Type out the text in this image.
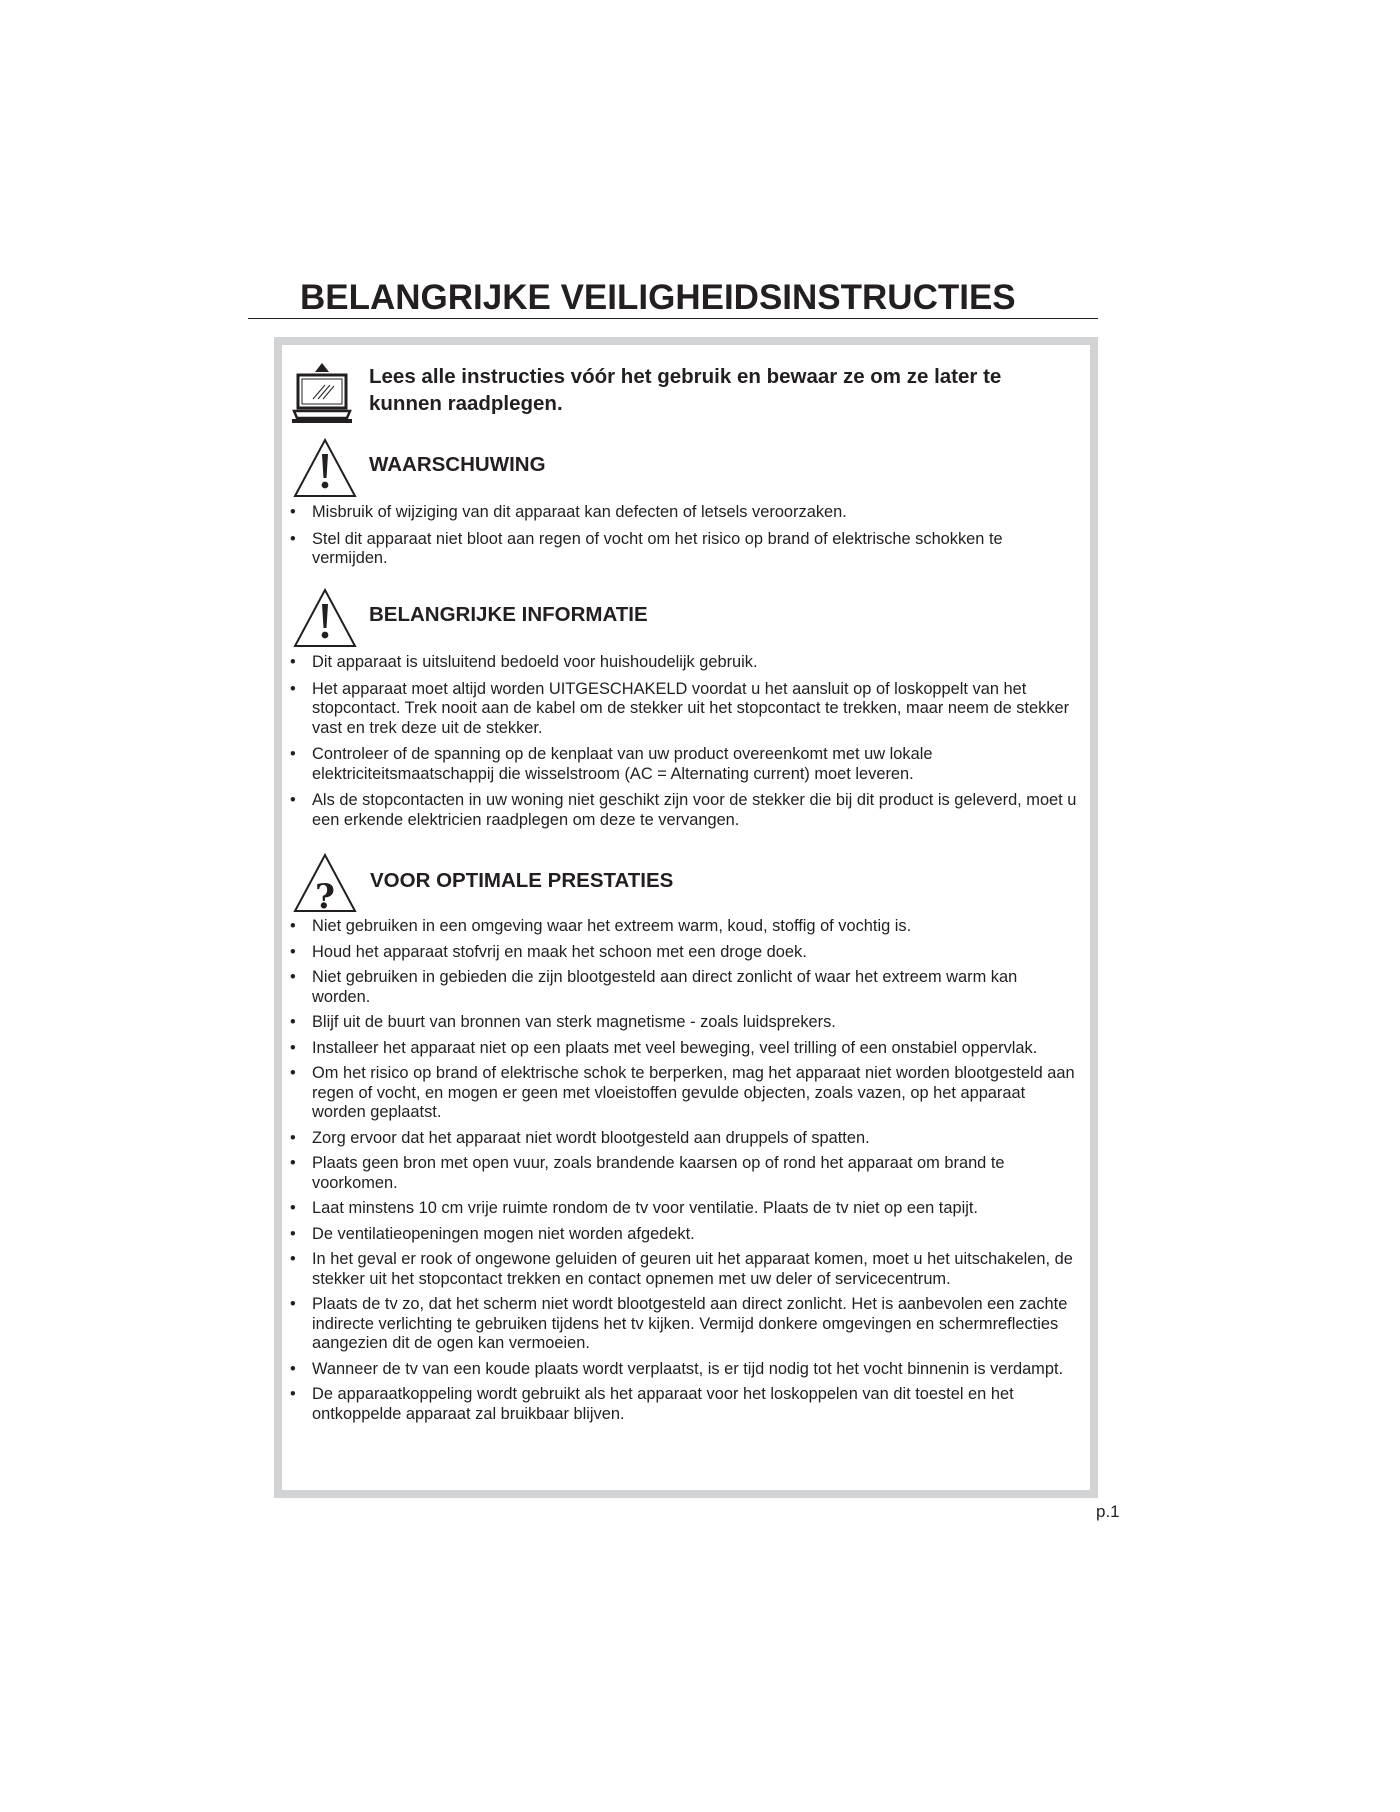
BELANGRIJKE VEILIGHEIDSINSTRUCTIES

Lees alle instructies vóór het gebruik en bewaar ze om ze later te kunnen raadplegen.

WAARSCHUWING
• Misbruik of wijziging van dit apparaat kan defecten of letsels veroorzaken.
• Stel dit apparaat niet bloot aan regen of vocht om het risico op brand of elektrische schokken te vermijden.
BELANGRIJKE INFORMATIE
• Dit apparaat is uitsluitend bedoeld voor huishoudelijk gebruik.
• Het apparaat moet altijd worden UITGESCHAKELD voordat u het aansluit op of loskoppelt van het stopcontact. Trek nooit aan de kabel om de stekker uit het stopcontact te trekken, maar neem de stekker vast en trek deze uit de stekker.
• Controleer of de spanning op de kenplaat van uw product overeenkomt met uw lokale elektriciteitsmaatschappij die wisselstroom (AC = Alternating current) moet leveren.
• Als de stopcontacten in uw woning niet geschikt zijn voor de stekker die bij dit product is geleverd, moet u een erkende elektricien raadplegen om deze te vervangen.
? VOOR OPTIMALE PRESTATIES
• Niet gebruiken in een omgeving waar het extreem warm, koud, stoffig of vochtig is.
• Houd het apparaat stofvrij en maak het schoon met een droge doek.
• Niet gebruiken in gebieden die zijn blootgesteld aan direct zonlicht of waar het extreem warm kan worden.
• Blijf uit de buurt van bronnen van sterk magnetisme - zoals luidsprekers.
• Installeer het apparaat niet op een plaats met veel beweging, veel trilling of een onstabiel oppervlak.
• Om het risico op brand of elektrische schok te berperken, mag het apparaat niet worden blootgesteld aan regen of vocht, en mogen er geen met vloeistoffen gevulde objecten, zoals vazen, op het apparaat worden geplaatst.
• Zorg ervoor dat het apparaat niet wordt blootgesteld aan druppels of spatten.
• Plaats geen bron met open vuur, zoals brandende kaarsen op of rond het apparaat om brand te voorkomen.
• Laat minstens 10 cm vrije ruimte rondom de tv voor ventilatie. Plaats de tv niet op een tapijt.
• De ventilatieopeningen mogen niet worden afgedekt.
• In het geval er rook of ongewone geluiden of geuren uit het apparaat komen, moet u het uitschakelen, de stekker uit het stopcontact trekken en contact opnemen met uw deler of servicecentrum.
• Plaats de tv zo, dat het scherm niet wordt blootgesteld aan direct zonlicht. Het is aanbevolen een zachte indirecte verlichting te gebruiken tijdens het tv kijken. Vermijd donkere omgevingen en schermreflecties aangezien dit de ogen kan vermoeien.
• Wanneer de tv van een koude plaats wordt verplaatst, is er tijd nodig tot het vocht binnenin is verdampt.
• De apparaatkoppeling wordt gebruikt als het apparaat voor het loskoppelen van dit toestel en het ontkoppelde apparaat zal bruikbaar blijven.
p.1
